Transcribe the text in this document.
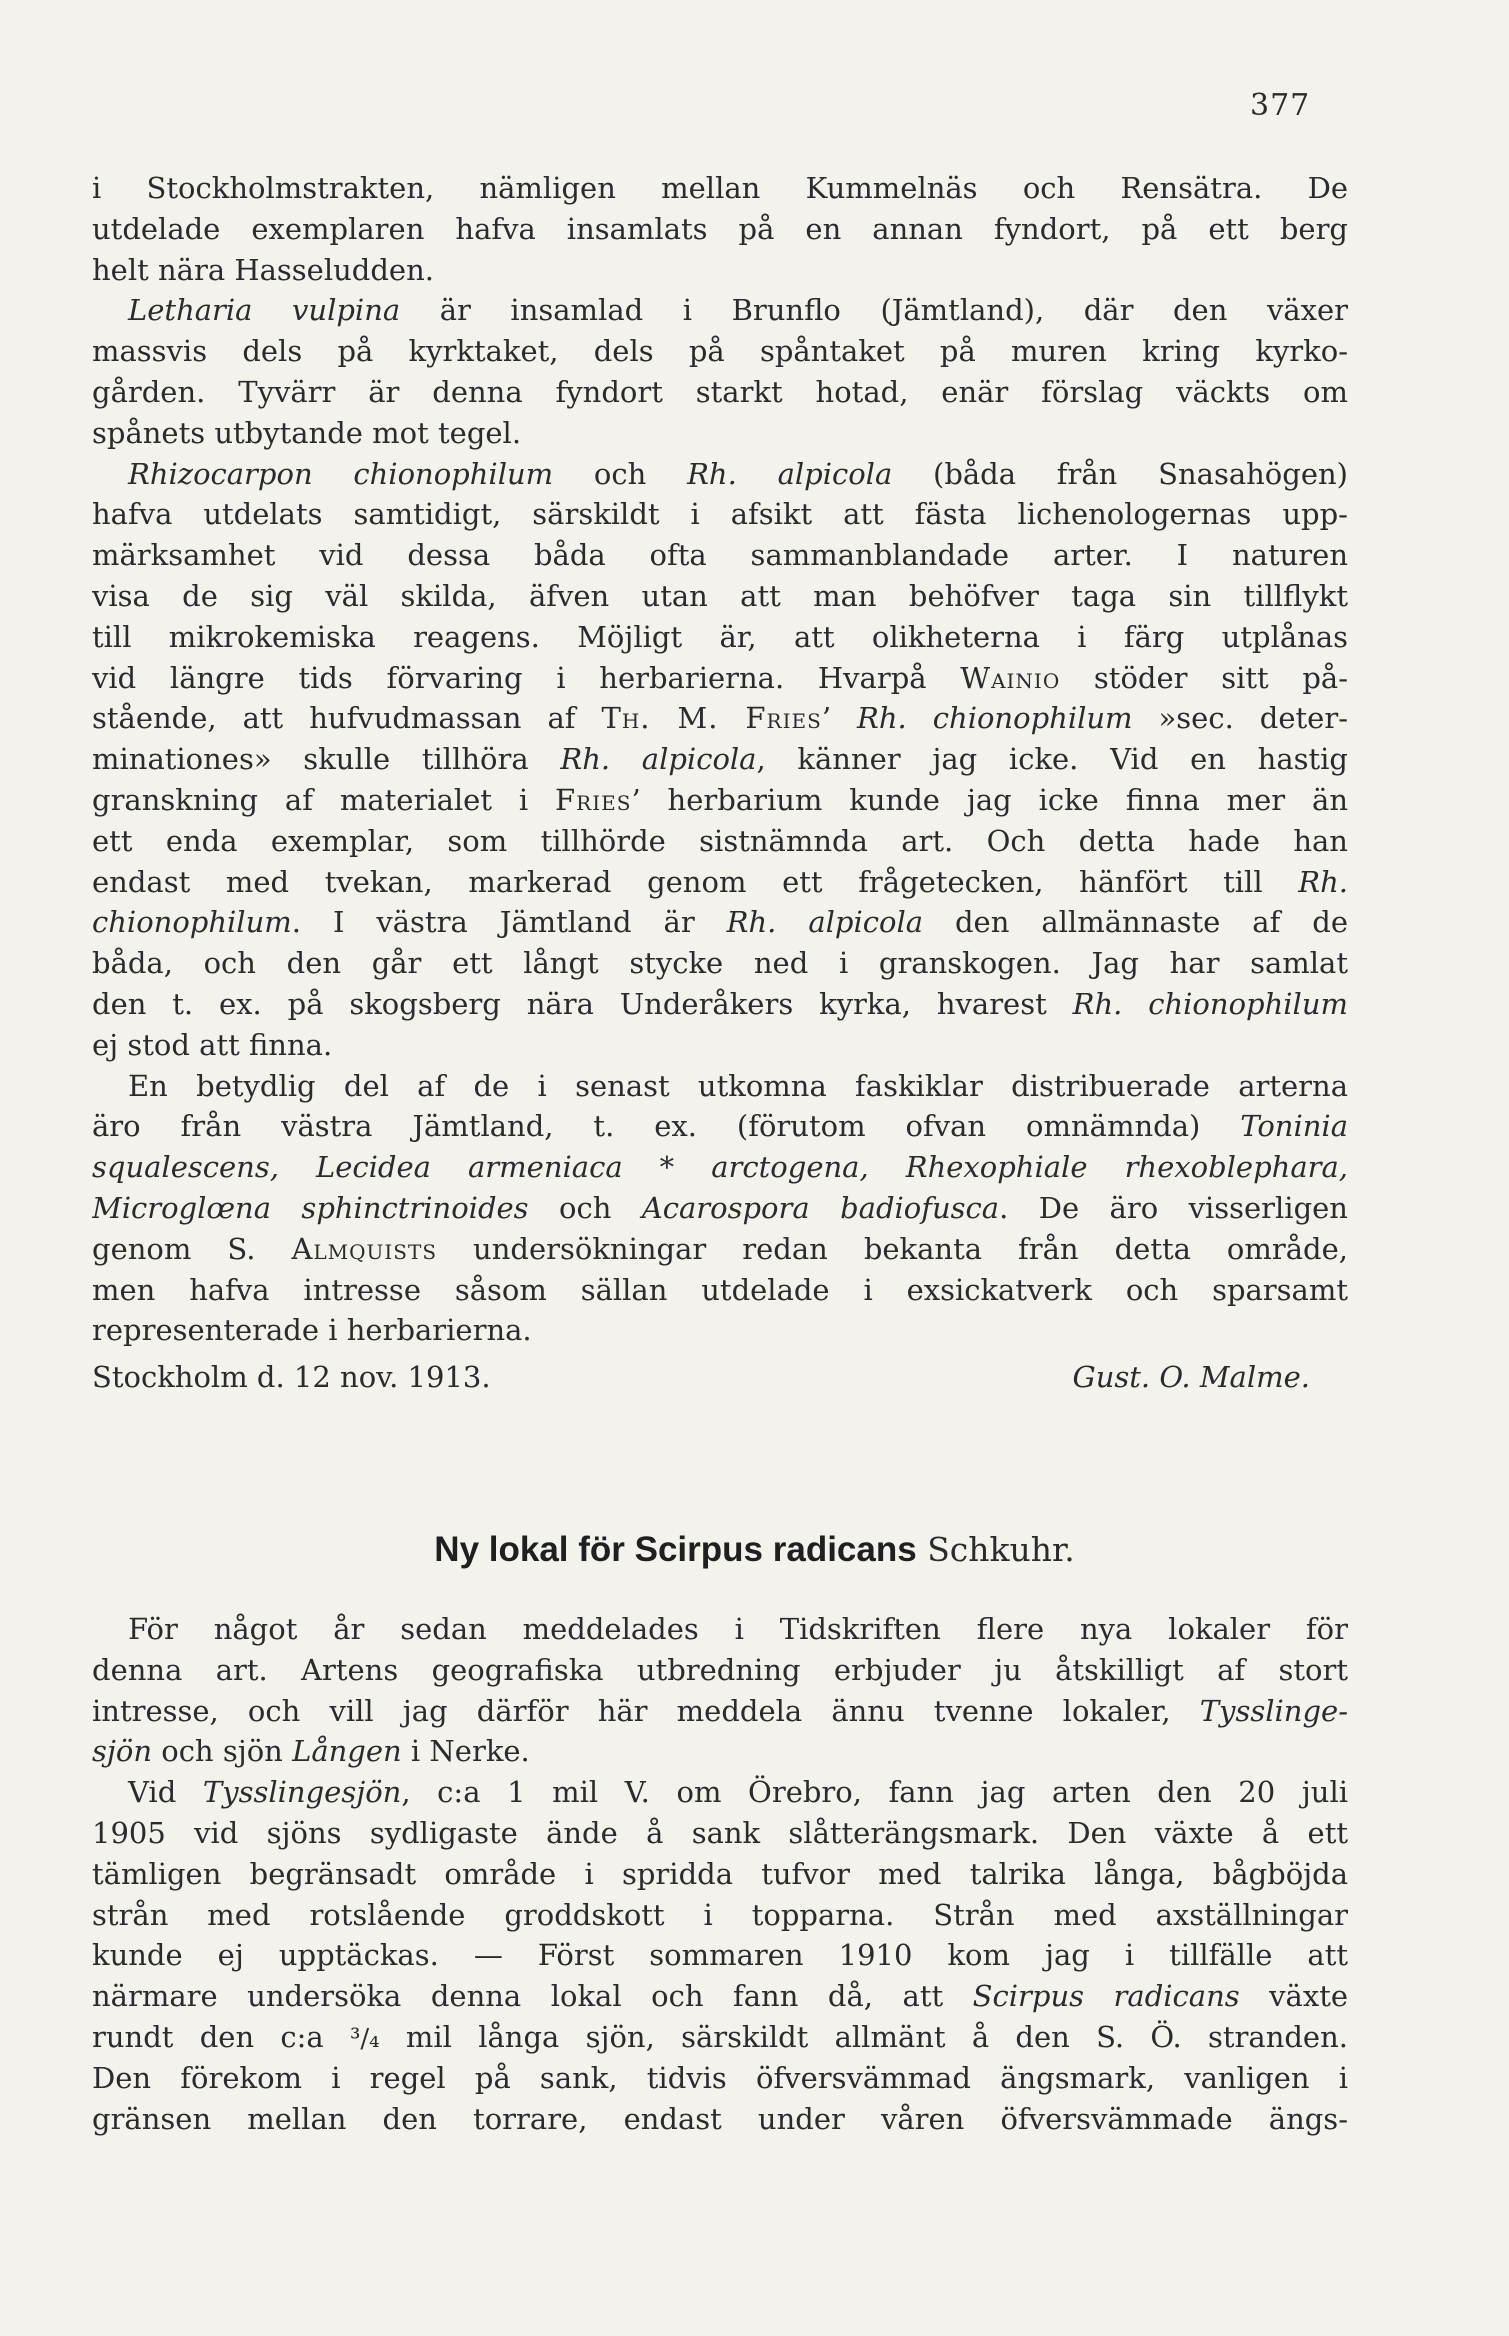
377
i Stockholmstrakten, nämligen mellan Kummelnäs och Rensätra. De
utdelade exemplaren hafva insamlats på en annan fyndort, på ett berg
helt nära Hasseludden.
Letharia vulpina är insamlad i Brunflo (Jämtland), där den växer
massvis dels på kyrktaket, dels på spåntaket på muren kring kyrko-
gården. Tyvärr är denna fyndort starkt hotad, enär förslag väckts om
spånets utbytande mot tegel.
Rhizocarpon chionophilum och Rh. alpicola (båda från Snasahögen)
hafva utdelats samtidigt, särskildt i afsikt att fästa lichenologernas upp-
märksamhet vid dessa båda ofta sammanblandade arter. I naturen
visa de sig väl skilda, äfven utan att man behöfver taga sin tillflykt
till mikrokemiska reagens. Möjligt är, att olikheterna i färg utplånas
vid längre tids förvaring i herbarierna. Hvarpå Wainio stöder sitt på-
stående, att hufvudmassan af Th. M. Fries’ Rh. chionophilum »sec. deter-
minationes» skulle tillhöra Rh. alpicola, känner jag icke. Vid en hastig
granskning af materialet i Fries’ herbarium kunde jag icke finna mer än
ett enda exemplar, som tillhörde sistnämnda art. Och detta hade han
endast med tvekan, markerad genom ett frågetecken, hänfört till Rh.
chionophilum. I västra Jämtland är Rh. alpicola den allmännaste af de
båda, och den går ett långt stycke ned i granskogen. Jag har samlat
den t. ex. på skogsberg nära Underåkers kyrka, hvarest Rh. chionophilum
ej stod att finna.
En betydlig del af de i senast utkomna faskiklar distribuerade arterna
äro från västra Jämtland, t. ex. (förutom ofvan omnämnda) Toninia
squalescens, Lecidea armeniaca * arctogena, Rhexophiale rhexoblephara,
Microglœna sphinctrinoides och Acarospora badiofusca. De äro visserligen
genom S. Almquists undersökningar redan bekanta från detta område,
men hafva intresse såsom sällan utdelade i exsickatverk och sparsamt
representerade i herbarierna.
Stockholm d. 12 nov. 1913.	Gust. O. Malme.
Ny lokal för Scirpus radicans Schkuhr.
För något år sedan meddelades i Tidskriften flere nya lokaler för
denna art. Artens geografiska utbredning erbjuder ju åtskilligt af stort
intresse, och vill jag därför här meddela ännu tvenne lokaler, Tysslinge-
sjön och sjön Lången i Nerke.
Vid Tysslingesjön, c:a 1 mil V. om Örebro, fann jag arten den 20 juli
1905 vid sjöns sydligaste ände å sank slåtterängsmark. Den växte å ett
tämligen begränsadt område i spridda tufvor med talrika långa, bågböjda
strån med rotslående groddskott i topparna. Strån med axställningar
kunde ej upptäckas. — Först sommaren 1910 kom jag i tillfälle att
närmare undersöka denna lokal och fann då, att Scirpus radicans växte
rundt den c:a ³/₄ mil långa sjön, särskildt allmänt å den S. Ö. stranden.
Den förekom i regel på sank, tidvis öfversvämmad ängsmark, vanligen i
gränsen mellan den torrare, endast under våren öfversvämmade ängs-
